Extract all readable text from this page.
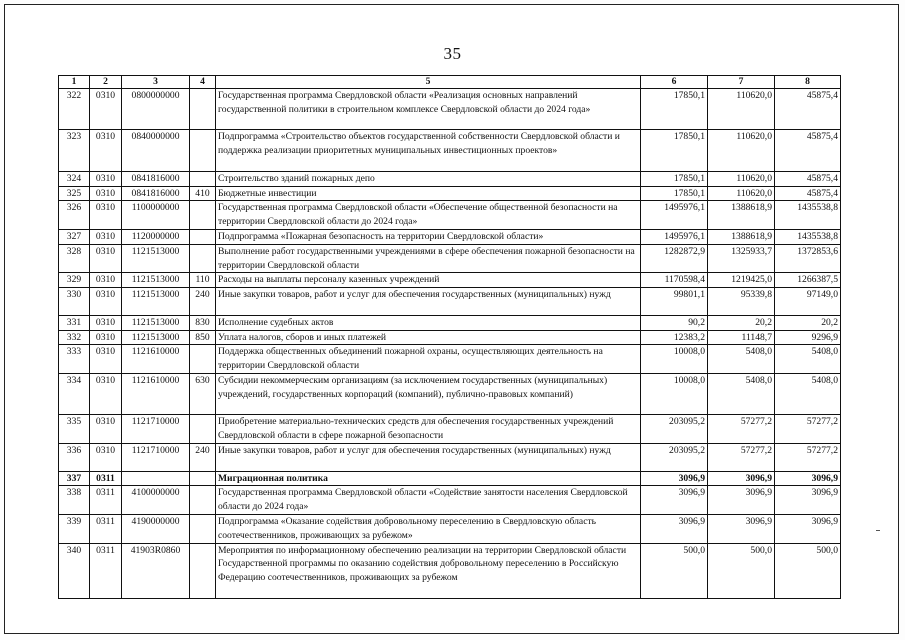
35
1	2	3	4	5	6	7	8
322	0310	0800000000		Государственная программа Свердловской области «Реализация основных направлений государственной политики в строительном комплексе Свердловской области до 2024 года»	17850,1	110620,0	45875,4
323	0310	0840000000		Подпрограмма «Строительство объектов государственной собственности Свердловской области и поддержка реализации приоритетных муниципальных инвестиционных проектов»	17850,1	110620,0	45875,4
324	0310	0841816000		Строительство зданий пожарных депо	17850,1	110620,0	45875,4
325	0310	0841816000	410	Бюджетные инвестиции	17850,1	110620,0	45875,4
326	0310	1100000000		Государственная программа Свердловской области «Обеспечение общественной безопасности на территории Свердловской области до 2024 года»	1495976,1	1388618,9	1435538,8
327	0310	1120000000		Подпрограмма «Пожарная безопасность на территории Свердловской области»	1495976,1	1388618,9	1435538,8
328	0310	1121513000		Выполнение работ государственными учреждениями в сфере обеспечения пожарной безопасности на территории Свердловской области	1282872,9	1325933,7	1372853,6
329	0310	1121513000	110	Расходы на выплаты персоналу казенных учреждений	1170598,4	1219425,0	1266387,5
330	0310	1121513000	240	Иные закупки товаров, работ и услуг для обеспечения государственных (муниципальных) нужд	99801,1	95339,8	97149,0
331	0310	1121513000	830	Исполнение судебных актов	90,2	20,2	20,2
332	0310	1121513000	850	Уплата налогов, сборов и иных платежей	12383,2	11148,7	9296,9
333	0310	1121610000		Поддержка общественных объединений пожарной охраны, осуществляющих деятельность на территории Свердловской области	10008,0	5408,0	5408,0
334	0310	1121610000	630	Субсидии некоммерческим организациям (за исключением государственных (муниципальных) учреждений, государственных корпораций (компаний), публично-правовых компаний)	10008,0	5408,0	5408,0
335	0310	1121710000		Приобретение материально-технических средств для обеспечения государственных учреждений Свердловской области в сфере пожарной безопасности	203095,2	57277,2	57277,2
336	0310	1121710000	240	Иные закупки товаров, работ и услуг для обеспечения государственных (муниципальных) нужд	203095,2	57277,2	57277,2
337	0311			Миграционная политика	3096,9	3096,9	3096,9
338	0311	4100000000		Государственная программа Свердловской области «Содействие занятости населения Свердловской области до 2024 года»	3096,9	3096,9	3096,9
339	0311	4190000000		Подпрограмма «Оказание содействия добровольному переселению в Свердловскую область соотечественников, проживающих за рубежом»	3096,9	3096,9	3096,9
340	0311	41903R0860		Мероприятия по информационному обеспечению реализации на территории Свердловской области Государственной программы по оказанию содействия добровольному переселению в Российскую Федерацию соотечественников, проживающих за рубежом	500,0	500,0	500,0
